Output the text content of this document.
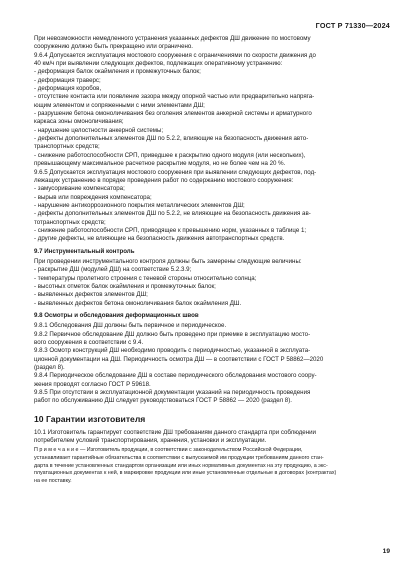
ГОСТ Р 71330—2024
При невозможности немедленного устранения указанных дефектов ДШ движение по мостовому
сооружению должно быть прекращено или ограничено.
9.6.4 Допускается эксплуатация мостового сооружения с ограничениями по скорости движения до
40 км/ч при выявлении следующих дефектов, подлежащих оперативному устранению:
- деформация балок окаймления и промежуточных балок;
- деформация траверс;
- деформация коробов,
- отсутствие контакта или появление зазора между опорной частью или предварительно напряга-
ющим элементом и сопряженными с ними элементами ДШ;
- разрушение бетона омоноличивания без оголения элементов анкерной системы и арматурного
каркаса зоны омоноличивания;
- нарушение целостности анкерной системы;
- дефекты дополнительных элементов ДШ по 5.2.2, влияющие на безопасность движения авто-
транспортных средств;
- снижение работоспособности СРП, приведшее к раскрытию одного модуля (или нескольких),
превышающему максимальное расчетное раскрытие модуля, но не более чем на 20 %.
9.6.5 Допускается эксплуатация мостового сооружения при выявлении следующих дефектов, под-
лежащих устранению в порядке проведения работ по содержанию мостового сооружения:
- замусоривание компенсатора;
- вырыв или повреждения компенсатора;
- нарушение антикоррозионного покрытия металлических элементов ДШ;
- дефекты дополнительных элементов ДШ по 5.2.2, не влияющие на безопасность движения ав-
тотранспортных средств;
- снижение работоспособности СРП, приводящее к превышению норм, указанных в таблице 1;
- другие дефекты, не влияющие на безопасность движения автотранспортных средств.
9.7 Инструментальный контроль
При проведении инструментального контроля должны быть замерены следующие величины:
- раскрытие ДШ (модулей ДШ) на соответствие 5.2.3.9;
- температуры пролетного строения с теневой стороны относительно солнца;
- высотных отметок балок окаймления и промежуточных балок;
- выявленных дефектов элементов ДШ;
- выявленных дефектов бетона омоноличивания балок окаймления ДШ.
9.8 Осмотры и обследования деформационных швов
9.8.1 Обследования ДШ должны быть первичное и периодическое.
9.8.2 Первичное обследование ДШ должно быть проведено при приемке в эксплуатацию мосто-
вого сооружения в соответствии с 9.4.
9.8.3 Осмотр конструкций ДШ необходимо проводить с периодичностью, указанной в эксплуата-
ционной документации на ДШ. Периодичность осмотра ДШ — в соответствии с ГОСТ Р 58862—2020
(раздел 8).
9.8.4 Периодическое обследование ДШ в составе периодического обследования мостового соору-
жения проводят согласно ГОСТ Р 59618.
9.8.5 При отсутствии в эксплуатационной документации указаний на периодичность проведения
работ по обслуживанию ДШ следует руководствоваться ГОСТ Р 58862 — 2020 (раздел 8).
10 Гарантии изготовителя
10.1 Изготовитель гарантирует соответствие ДШ требованиям данного стандарта при соблюдении
потребителем условий транспортирования, хранения, установки и эксплуатации.
П р и м е ч а н и е — Изготовитель продукции, в соответствии с законодательством Российской Федерации,
устанавливает гарантийные обязательства в соответствии с выпускаемой им продукции требованиям данного стан-
дарта в течение установленных стандартом организации или иных нормативных документах на эту продукцию, а экс-
плуатационных документах к ней, в маркировке продукции или иные установленные отдельные в договорах (контрактах)
на ее поставку.
19
